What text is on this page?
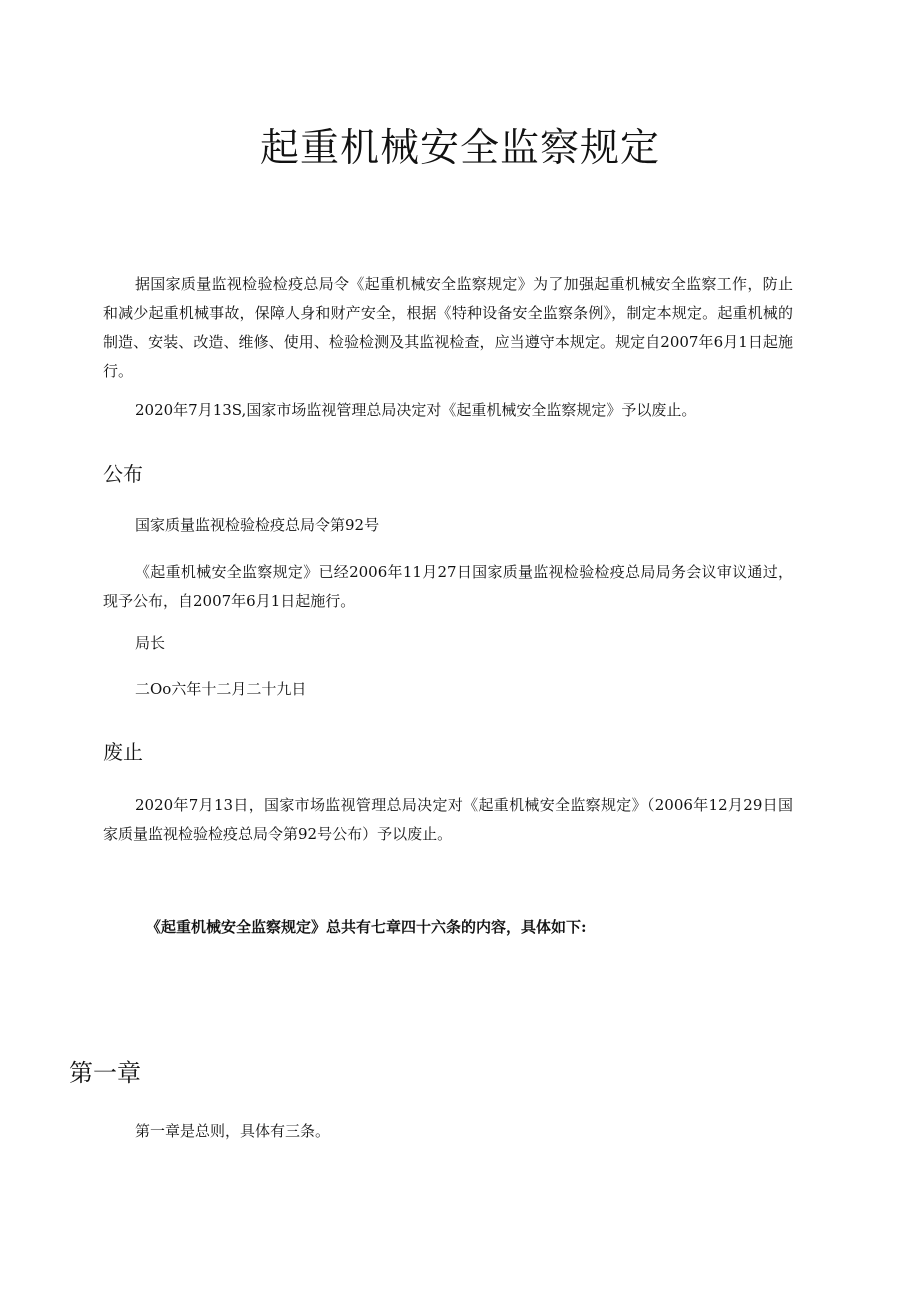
起重机械安全监察规定

据国家质量监视检验检疫总局令《起重机械安全监察规定》为了加强起重机械安全监察工作，防止和减少起重机械事故，保障人身和财产安全，根据《特种设备安全监察条例》，制定本规定。起重机械的制造、安装、改造、维修、使用、检验检测及其监视检查，应当遵守本规定。规定自2007年6月1日起施行。

2020年7月13S,国家市场监视管理总局决定对《起重机械安全监察规定》予以废止。

公布

国家质量监视检验检疫总局令第92号

《起重机械安全监察规定》已经2006年11月27日国家质量监视检验检疫总局局务会议审议通过，现予公布，自2007年6月1日起施行。

局长

二Oo六年十二月二十九日

废止

2020年7月13日，国家市场监视管理总局决定对《起重机械安全监察规定》（2006年12月29日国家质量监视检验检疫总局令第92号公布）予以废止。

《起重机械安全监察规定》总共有七章四十六条的内容，具体如下:

第一章

第一章是总则，具体有三条。
